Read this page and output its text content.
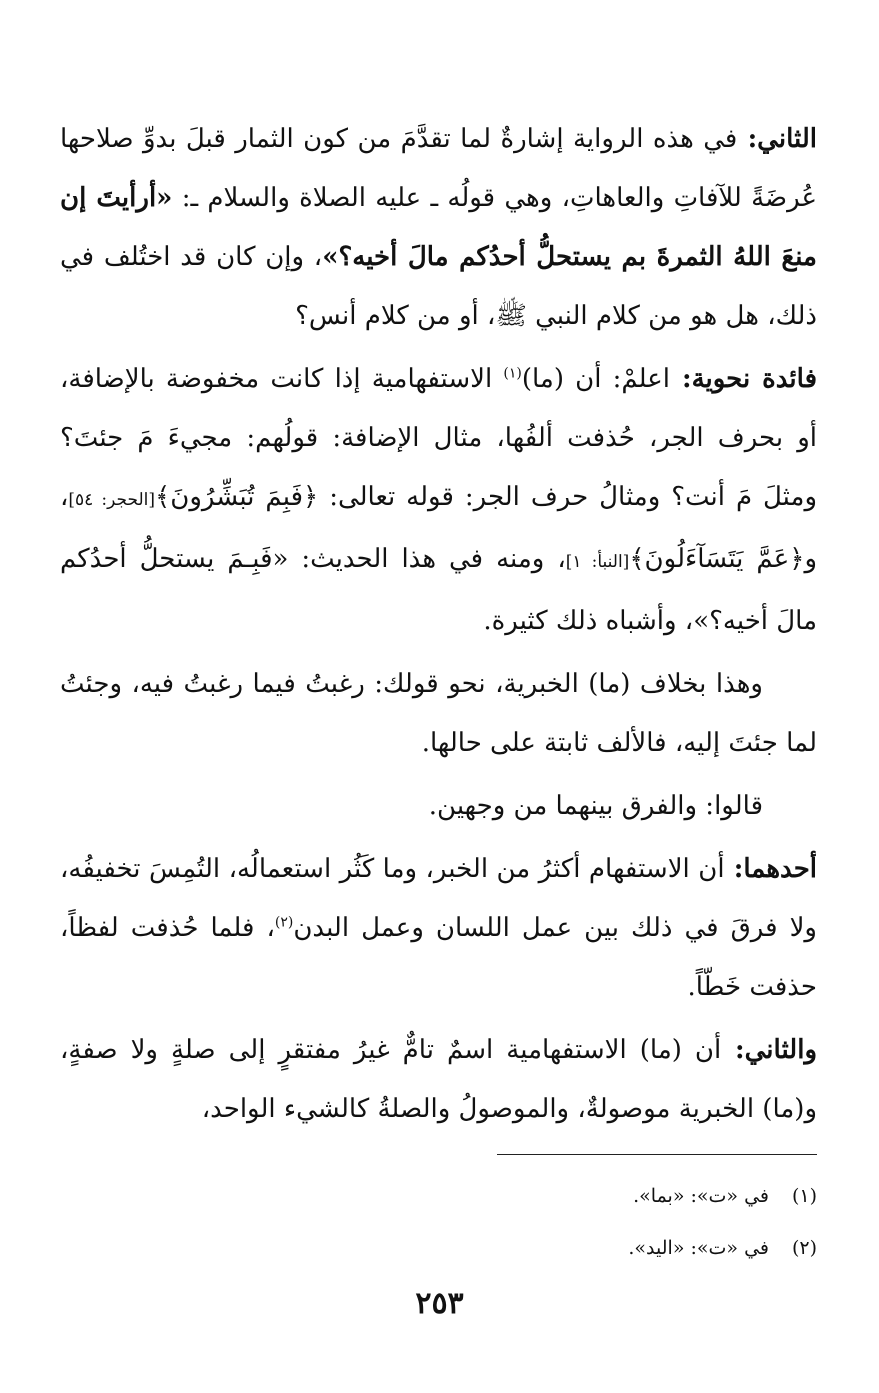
الثاني: في هذه الرواية إشارةٌ لما تقدَّمَ من كون الثمار قبلَ بدوِّ صلاحها عُرضَةً للآفاتِ والعاهاتِ، وهي قولُه ـ عليه الصلاة والسلام ـ: «أرأيتَ إن منعَ اللهُ الثمرةَ بم يستحلُّ أحدُكم مالَ أخيه؟»، وإن كان قد اختُلف في ذلك، هل هو من كلام النبي ﷺ، أو من كلام أنس؟

فائدة نحوية: اعلمْ: أن (ما)$^{(١)}$ الاستفهامية إذا كانت مخفوضة بالإضافة، أو بحرف الجر، حُذفت ألفُها، مثال الإضافة: قولُهم: مجيءَ مَ جئتَ؟ ومثلَ مَ أنت؟ ومثالُ حرف الجر: قوله تعالى: ﴿فَبِمَ تُبَشِّرُونَ﴾[الحجر: ٥٤]، و﴿عَمَّ يَتَسَآءَلُونَ﴾[النبأ: ١]، ومنه في هذا الحديث: «فَبِـمَ يستحلُّ أحدُكم مالَ أخيه؟»، وأشباه ذلك كثيرة.

وهذا بخلاف (ما) الخبرية، نحو قولك: رغبتُ فيما رغبتُ فيه، وجئتُ لما جئتَ إليه، فالألف ثابتة على حالها.

قالوا: والفرق بينهما من وجهين.

أحدهما: أن الاستفهام أكثرُ من الخبر، وما كَثُر استعمالُه، التُمِسَ تخفيفُه، ولا فرقَ في ذلك بين عمل اللسان وعمل البدن$^{(٢)}$، فلما حُذفت لفظاً، حذفت خَطّاً.

والثاني: أن (ما) الاستفهامية اسمٌ تامٌّ غيرُ مفتقرٍ إلى صلةٍ ولا صفةٍ، و(ما) الخبرية موصولةٌ، والموصولُ والصلةُ كالشيء الواحد،

(١)في «ت»: «بما».
(٢)في «ت»: «اليد».
٢٥٣
